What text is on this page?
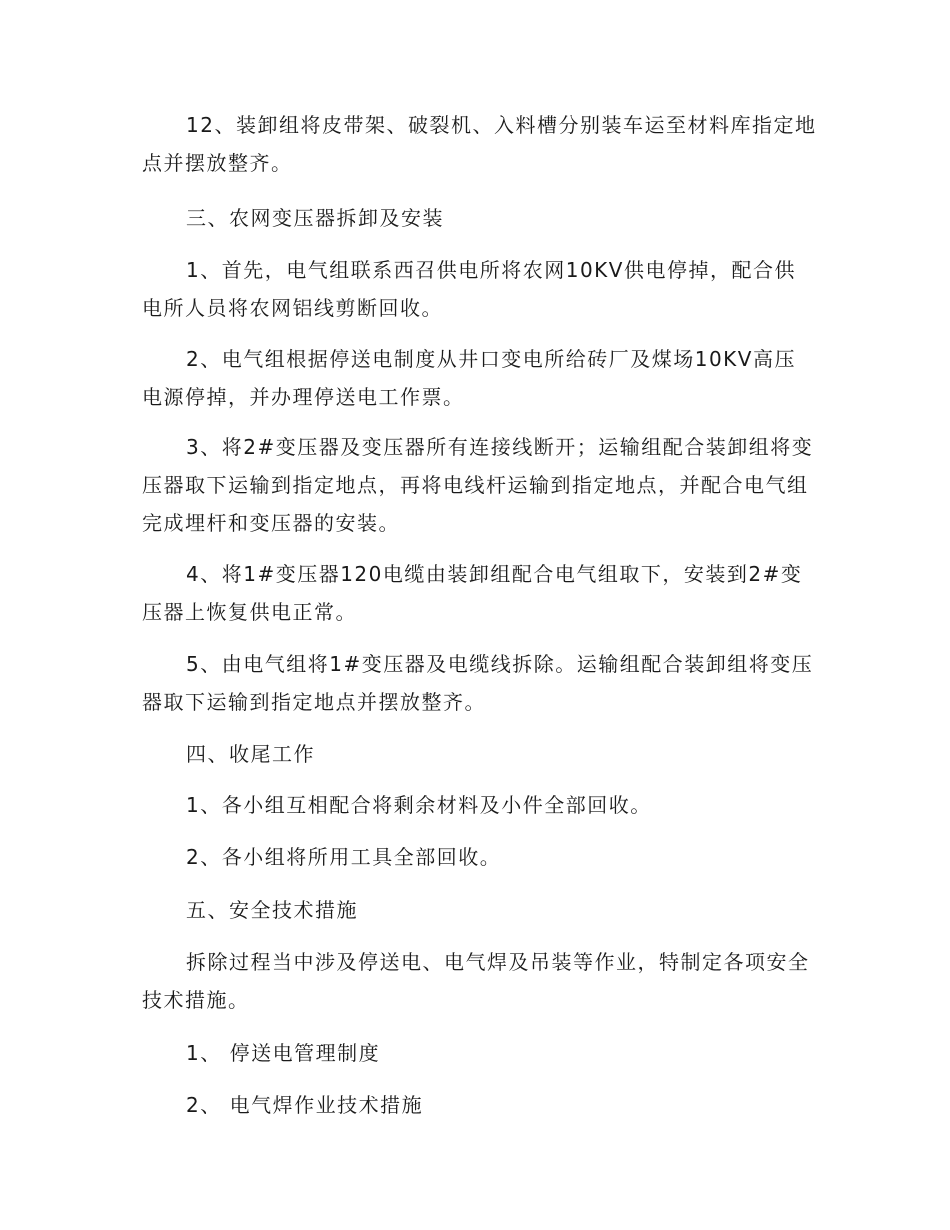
12、装卸组将皮带架、破裂机、入料槽分别装车运至材料库指定地点并摆放整齐。

三、农网变压器拆卸及安装

1、首先，电气组联系西召供电所将农网10KV供电停掉，配合供电所人员将农网铝线剪断回收。

2、电气组根据停送电制度从井口变电所给砖厂及煤场10KV高压电源停掉，并办理停送电工作票。

3、将2#变压器及变压器所有连接线断开；运输组配合装卸组将变压器取下运输到指定地点，再将电线杆运输到指定地点，并配合电气组完成埋杆和变压器的安装。

4、将1#变压器120电缆由装卸组配合电气组取下，安装到2#变压器上恢复供电正常。

5、由电气组将1#变压器及电缆线拆除。运输组配合装卸组将变压器取下运输到指定地点并摆放整齐。

四、收尾工作

1、各小组互相配合将剩余材料及小件全部回收。

2、各小组将所用工具全部回收。

五、安全技术措施

拆除过程当中涉及停送电、电气焊及吊装等作业，特制定各项安全技术措施。

1、 停送电管理制度

2、 电气焊作业技术措施
